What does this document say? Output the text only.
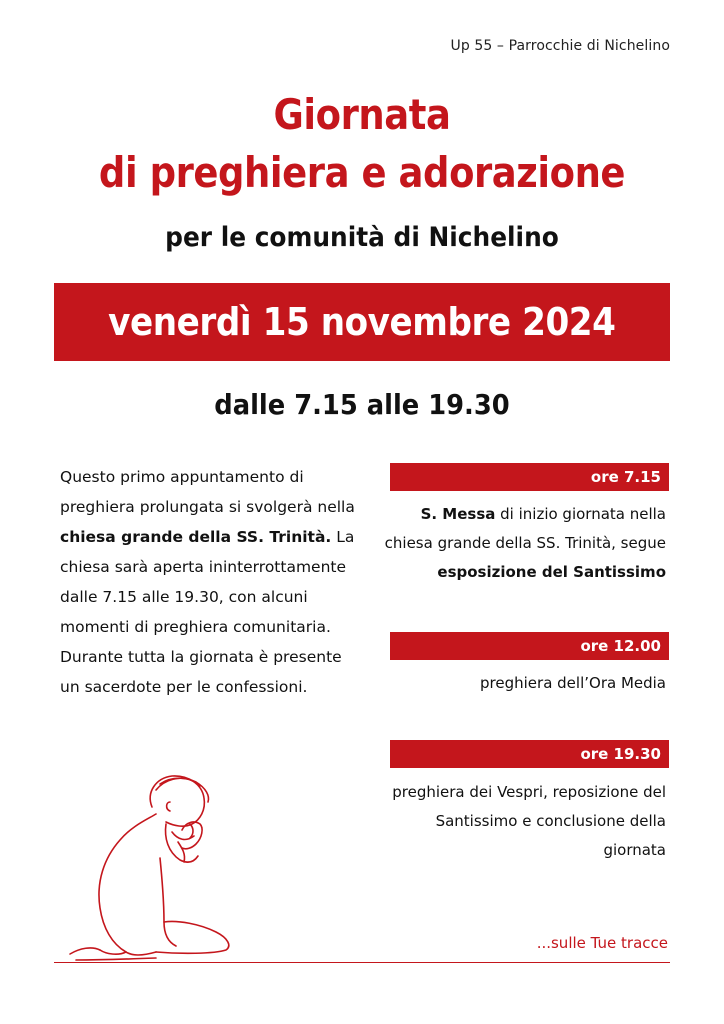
Up 55 – Parrocchie di Nichelino
Giornata
di preghiera e adorazione
per le comunità di Nichelino
venerdì 15 novembre 2024
dalle 7.15 alle 19.30
Questo primo appuntamento di preghiera prolungata si svolgerà nella chiesa grande della SS. Trinità. La chiesa sarà aperta ininterrottamente dalle 7.15 alle 19.30, con alcuni momenti di preghiera comunitaria. Durante tutta la giornata è presente un sacerdote per le confessioni.
ore 7.15
S. Messa di inizio giornata nella chiesa grande della SS. Trinità, segue esposizione del Santissimo
ore 12.00
preghiera dell’Ora Media
ore 19.30
preghiera dei Vespri, reposizione del Santissimo e conclusione della giornata
...sulle Tue tracce
